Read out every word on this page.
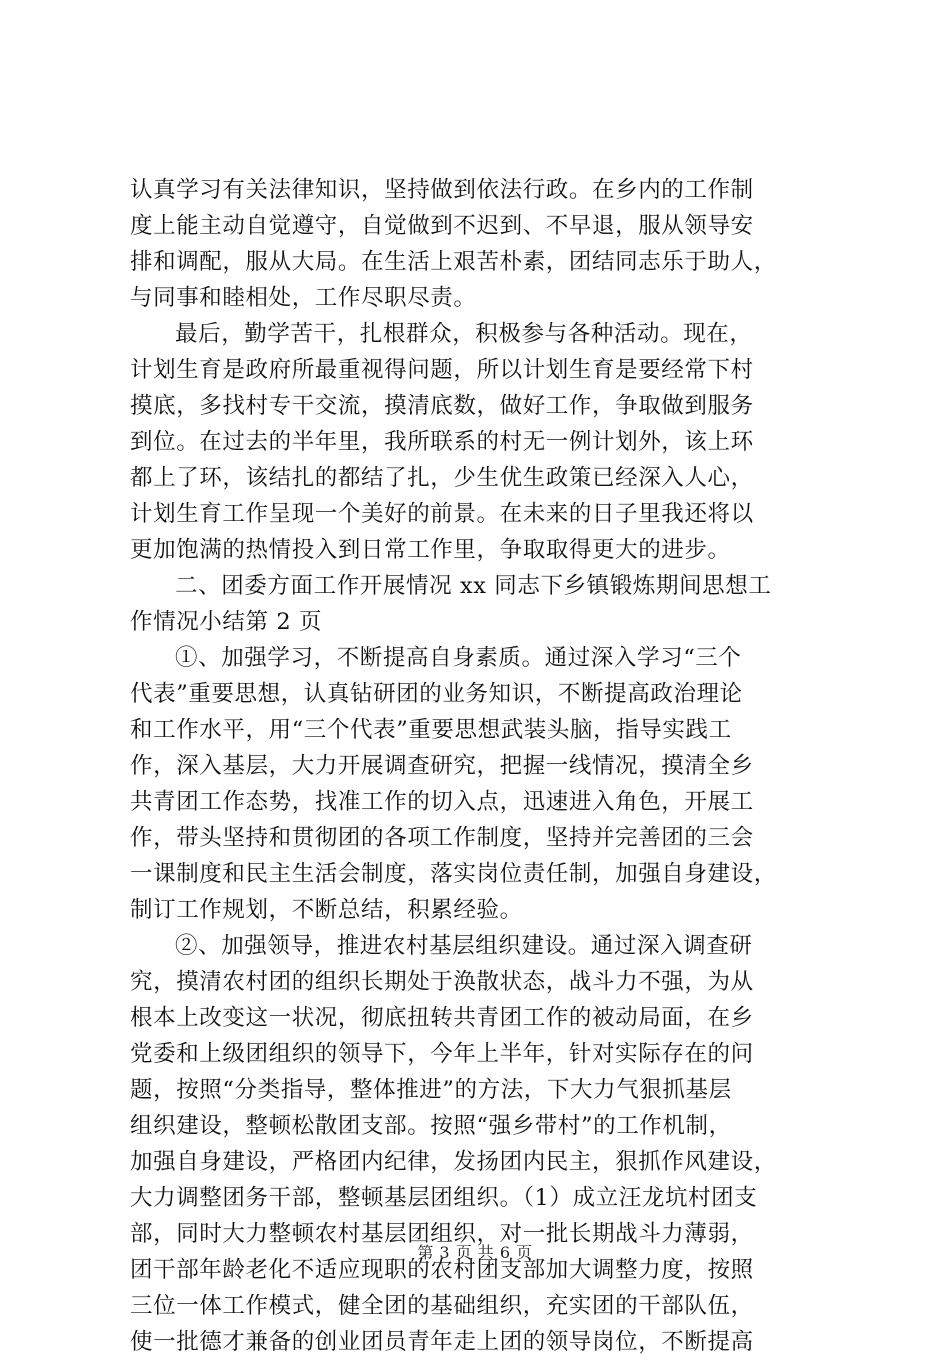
认真学习有关法律知识，坚持做到依法行政。在乡内的工作制
度上能主动自觉遵守，自觉做到不迟到、不早退，服从领导安
排和调配，服从大局。在生活上艰苦朴素，团结同志乐于助人，
与同事和睦相处，工作尽职尽责。
最后，勤学苦干，扎根群众，积极参与各种活动。现在，
计划生育是政府所最重视得问题，所以计划生育是要经常下村
摸底，多找村专干交流，摸清底数，做好工作，争取做到服务
到位。在过去的半年里，我所联系的村无一例计划外，该上环
都上了环，该结扎的都结了扎，少生优生政策已经深入人心，
计划生育工作呈现一个美好的前景。在未来的日子里我还将以
更加饱满的热情投入到日常工作里，争取取得更大的进步。
二、团委方面工作开展情况 xx 同志下乡镇锻炼期间思想工
作情况小结第 2 页
①、加强学习，不断提高自身素质。通过深入学习“三个
代表”重要思想，认真钻研团的业务知识，不断提高政治理论
和工作水平，用“三个代表”重要思想武装头脑，指导实践工
作，深入基层，大力开展调查研究，把握一线情况，摸清全乡
共青团工作态势，找准工作的切入点，迅速进入角色，开展工
作，带头坚持和贯彻团的各项工作制度，坚持并完善团的三会
一课制度和民主生活会制度，落实岗位责任制，加强自身建设，
制订工作规划，不断总结，积累经验。
②、加强领导，推进农村基层组织建设。通过深入调查研
究，摸清农村团的组织长期处于涣散状态，战斗力不强，为从
根本上改变这一状况，彻底扭转共青团工作的被动局面，在乡
党委和上级团组织的领导下，今年上半年，针对实际存在的问
题，按照“分类指导，整体推进”的方法，下大力气狠抓基层
组织建设，整顿松散团支部。按照“强乡带村”的工作机制，
加强自身建设，严格团内纪律，发扬团内民主，狠抓作风建设，
大力调整团务干部，整顿基层团组织。（1）成立汪龙坑村团支
部，同时大力整顿农村基层团组织，对一批长期战斗力薄弱，
团干部年龄老化不适应现职的农村团支部加大调整力度，按照
三位一体工作模式，健全团的基础组织，充实团的干部队伍，
使一批德才兼备的创业团员青年走上团的领导岗位，不断提高
第 3 页 共 6 页
